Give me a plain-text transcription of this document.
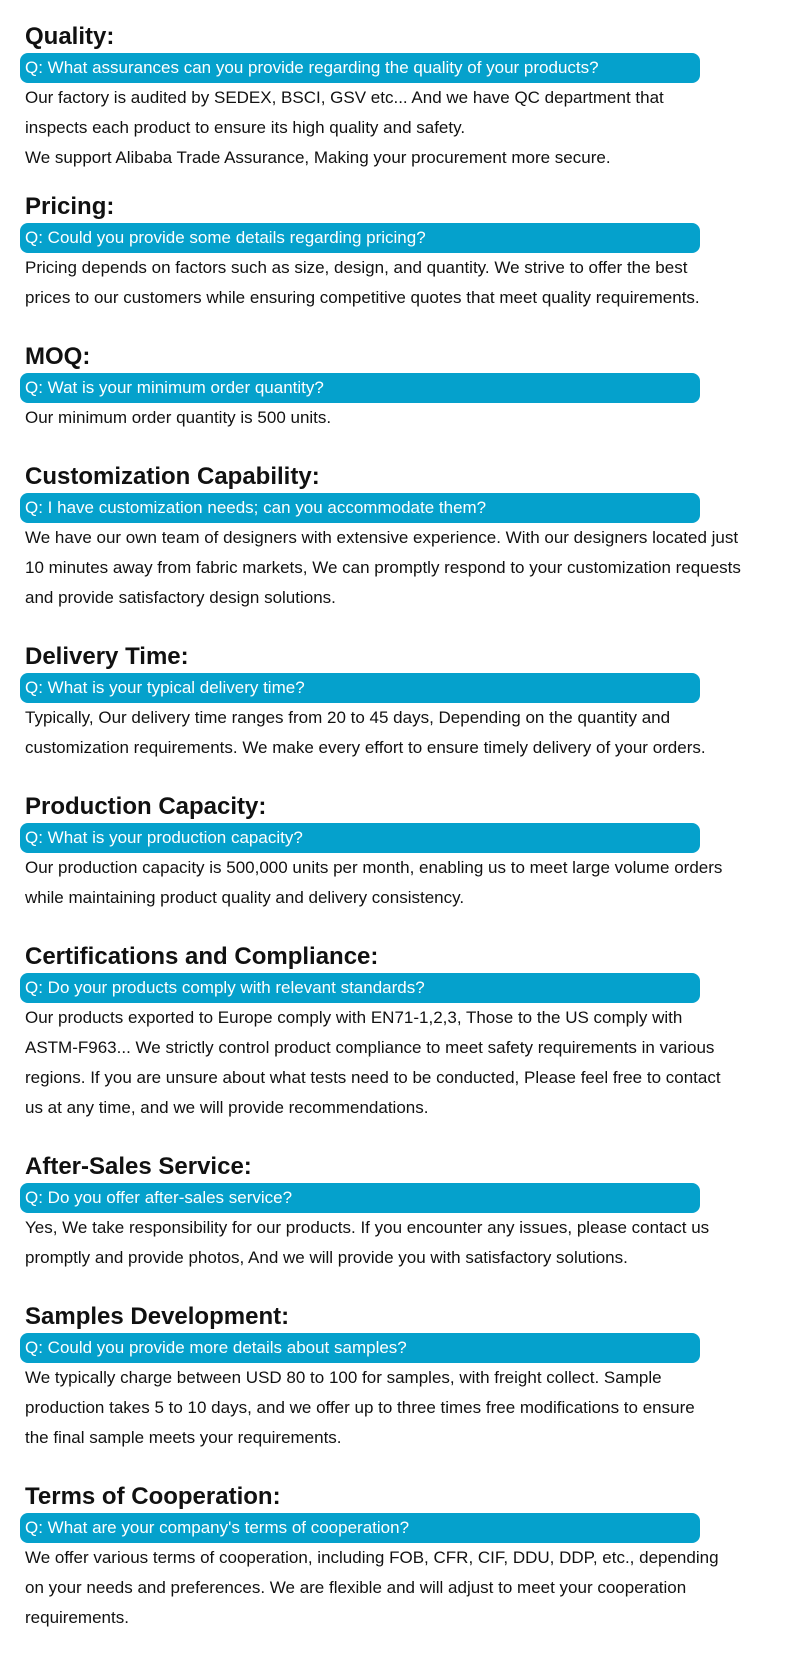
Quality:
Q: What assurances can you provide regarding the quality of your products?

Our factory is audited by SEDEX, BSCI, GSV etc... And we have QC department that
inspects each product to ensure its high quality and safety.
We support Alibaba Trade Assurance, Making your procurement more secure.

Pricing:
Q: Could you provide some details regarding pricing?

Pricing depends on factors such as size, design, and quantity. We strive to offer the best
prices to our customers while ensuring competitive quotes that meet quality requirements.

MOQ:
Q: Wat is your minimum order quantity?

Our minimum order quantity is 500 units.

Customization Capability:
Q: I have customization needs; can you accommodate them?

We have our own team of designers with extensive experience. With our designers located just
10 minutes away from fabric markets, We can promptly respond to your customization requests
and provide satisfactory design solutions.

Delivery Time:
Q: What is your typical delivery time?

Typically, Our delivery time ranges from 20 to 45 days, Depending on the quantity and
customization requirements. We make every effort to ensure timely delivery of your orders.

Production Capacity:
Q: What is your production capacity?

Our production capacity is 500,000 units per month, enabling us to meet large volume orders
while maintaining product quality and delivery consistency.

Certifications and Compliance:
Q: Do your products comply with relevant standards?

Our products exported to Europe comply with EN71-1,2,3, Those to the US comply with
ASTM-F963... We strictly control product compliance to meet safety requirements in various
regions. If you are unsure about what tests need to be conducted, Please feel free to contact
us at any time, and we will provide recommendations.

After-Sales Service:
Q: Do you offer after-sales service?

Yes, We take responsibility for our products. If you encounter any issues, please contact us
promptly and provide photos, And we will provide you with satisfactory solutions.

Samples Development:
Q: Could you provide more details about samples?

We typically charge between USD 80 to 100 for samples, with freight collect. Sample
production takes 5 to 10 days, and we offer up to three times free modifications to ensure
the final sample meets your requirements.

Terms of Cooperation:
Q: What are your company's terms of cooperation?

We offer various terms of cooperation, including FOB, CFR, CIF, DDU, DDP, etc., depending
on your needs and preferences. We are flexible and will adjust to meet your cooperation
requirements.
